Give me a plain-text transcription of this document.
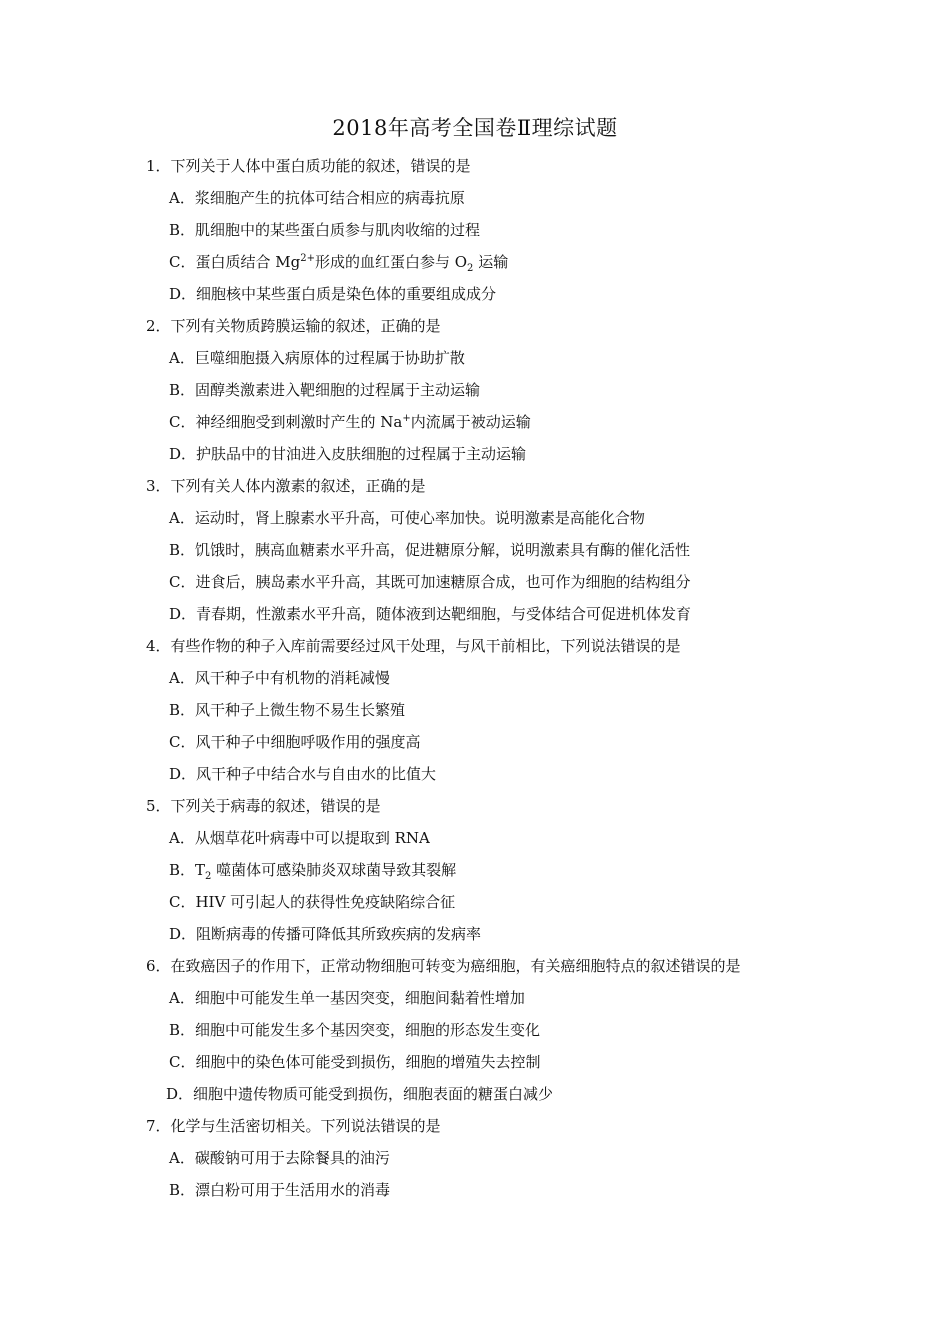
2018年高考全国卷Ⅱ理综试题
1．下列关于人体中蛋白质功能的叙述，错误的是
A．浆细胞产生的抗体可结合相应的病毒抗原
B．肌细胞中的某些蛋白质参与肌肉收缩的过程
C．蛋白质结合 $Mg^{2+}$形成的血红蛋白参与 $O_2$ 运输
D．细胞核中某些蛋白质是染色体的重要组成成分
2．下列有关物质跨膜运输的叙述，正确的是
A．巨噬细胞摄入病原体的过程属于协助扩散
B．固醇类激素进入靶细胞的过程属于主动运输
C．神经细胞受到刺激时产生的 Na+内流属于被动运输
D．护肤品中的甘油进入皮肤细胞的过程属于主动运输
3．下列有关人体内激素的叙述，正确的是
A．运动时，肾上腺素水平升高，可使心率加快。说明激素是高能化合物
B．饥饿时，胰高血糖素水平升高，促进糖原分解，说明激素具有酶的催化活性
C．进食后，胰岛素水平升高，其既可加速糖原合成，也可作为细胞的结构组分
D．青春期，性激素水平升高，随体液到达靶细胞，与受体结合可促进机体发育
4．有些作物的种子入库前需要经过风干处理，与风干前相比，下列说法错误的是
A．风干种子中有机物的消耗减慢
B．风干种子上微生物不易生长繁殖
C．风干种子中细胞呼吸作用的强度高
D．风干种子中结合水与自由水的比值大
5．下列关于病毒的叙述，错误的是
A．从烟草花叶病毒中可以提取到 RNA
B．$T_2$ 噬菌体可感染肺炎双球菌导致其裂解
C．HIV 可引起人的获得性免疫缺陷综合征
D．阻断病毒的传播可降低其所致疾病的发病率
6．在致癌因子的作用下，正常动物细胞可转变为癌细胞，有关癌细胞特点的叙述错误的是
A．细胞中可能发生单一基因突变，细胞间黏着性增加
B．细胞中可能发生多个基因突变，细胞的形态发生变化
C．细胞中的染色体可能受到损伤，细胞的增殖失去控制
D．细胞中遗传物质可能受到损伤，细胞表面的糖蛋白减少
7．化学与生活密切相关。下列说法错误的是
A．碳酸钠可用于去除餐具的油污
B．漂白粉可用于生活用水的消毒
